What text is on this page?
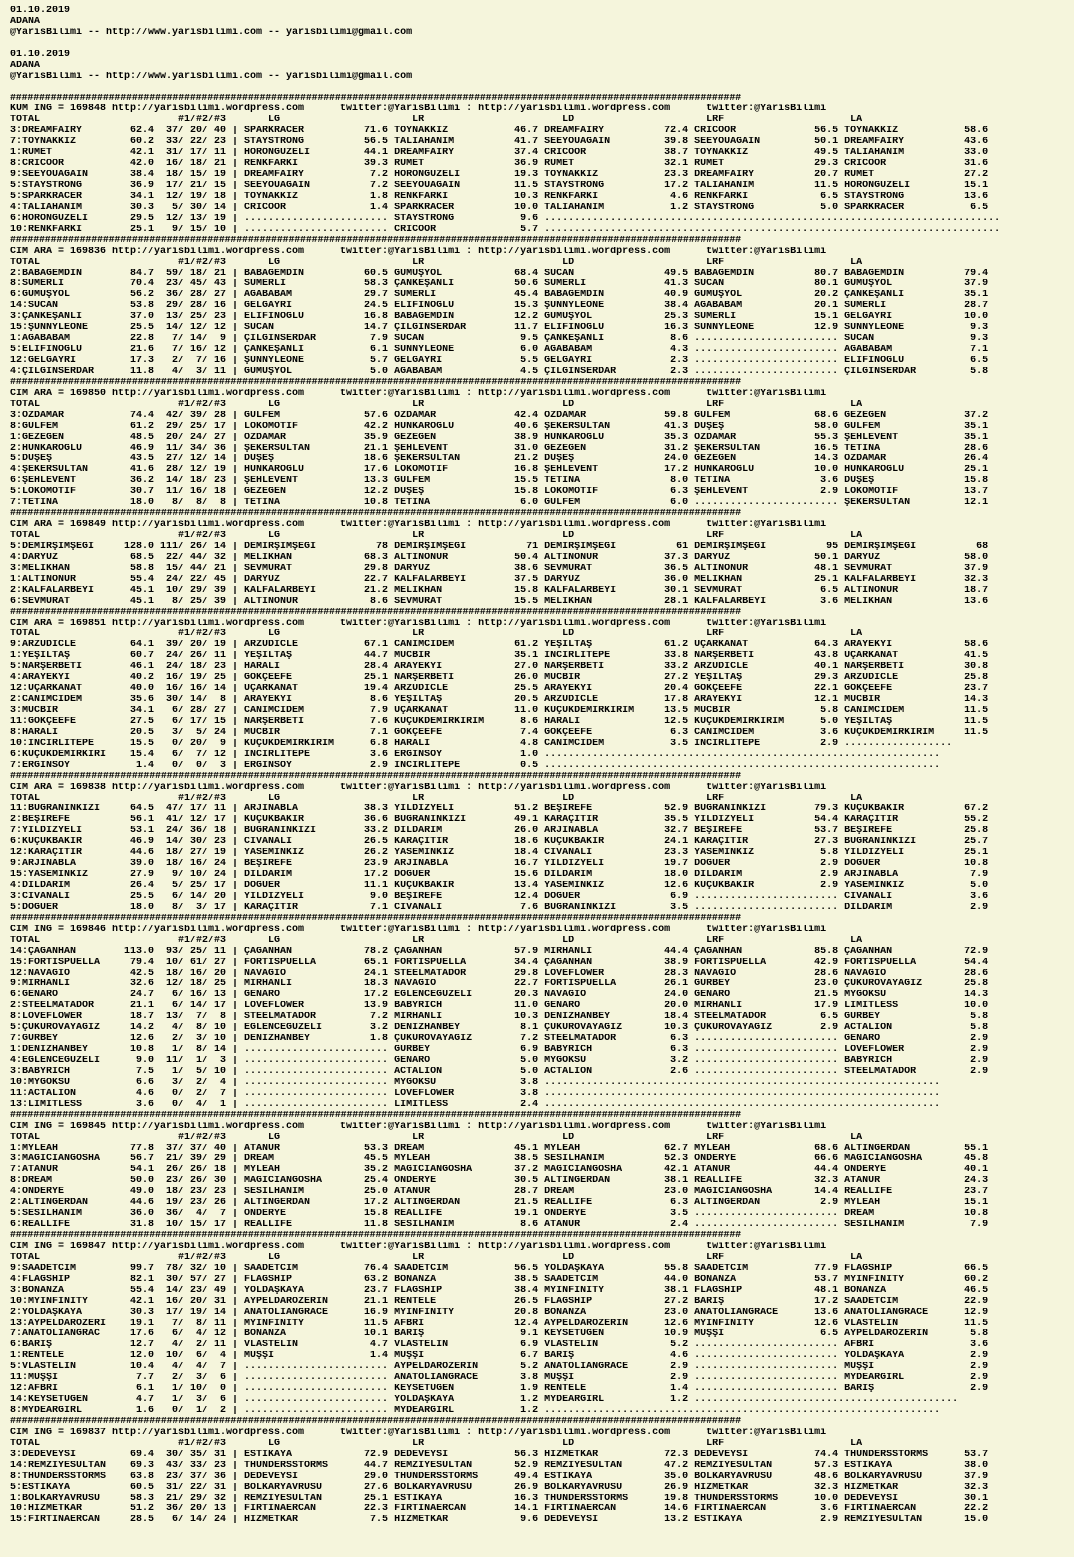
01.10.2019
ADANA
@YarisBilimi -- http://www.yarisbilimi.com -- yarisbilimi@gmail.com
01.10.2019
ADANA
@YarisBilimi -- http://www.yarisbilimi.com -- yarisbilimi@gmail.com
##############################################################################################################################
KUM ING = 169848 http://yarisbilimi.wordpress.com      twitter:@YarisBilimi : http://yarisbilimi.wordpress.com      twitter:@YarisBilimi
TOTAL                       #1/#2/#3       LG                      LR                       LD                      LRF                     LA
3:DREAMFAIRY        62.4  37/ 20/ 40 | SPARKRACER          71.6 TOYNAKKIZ           46.7 DREAMFAIRY          72.4 CRICOOR             56.5 TOYNAKKIZ           58.6
7:TOYNAKKIZ         60.2  33/ 22/ 23 | STAYSTRONG          56.5 TALIAHANIM          41.7 SEEYOUAGAIN         39.8 SEEYOUAGAIN         50.1 DREAMFAIRY          43.6
1:RUMET             42.1  31/ 17/ 11 | HORONGÜZELİ         44.1 DREAMFAIRY          37.4 CRICOOR             38.7 TOYNAKKIZ           49.5 TALIAHANIM          33.0
8:CRICOOR           42.0  16/ 18/ 21 | RENKFARKI           39.3 RUMET               36.9 RUMET               32.1 RUMET               29.3 CRICOOR             31.6
9:SEEYOUAGAIN       38.4  18/ 15/ 19 | DREAMFAIRY           7.2 HORONGÜZELİ         19.3 TOYNAKKIZ           23.3 DREAMFAIRY          20.7 RUMET               27.2
5:STAYSTRONG        36.9  17/ 21/ 15 | SEEYOUAGAIN          7.2 SEEYOUAGAIN         11.5 STAYSTRONG          17.2 TALIAHANIM          11.5 HORONGÜZELİ         15.1
5:SPARKRACER        34.1  12/ 19/ 18 | TOYNAKKIZ            1.8 RENKFARKI           10.3 RENKFARKI            4.6 RENKFARKI            6.5 STAYSTRONG          13.6
4:TALIAHANIM        30.3   5/ 30/ 14 | CRICOOR              1.4 SPARKRACER          10.0 TALIAHANIM           1.2 STAYSTRONG           5.0 SPARKRACER           6.5
6:HORONGÜZELİ       29.5  12/ 13/ 19 | ........................ STAYSTRONG           9.6 ............................................................................
10:RENKFARKI        25.1   9/ 15/ 10 | ........................ CRICOOR              5.7 ............................................................................
##############################################################################################################################
CIM ARA = 169836 http://yarisbilimi.wordpress.com      twitter:@YarisBilimi : http://yarisbilimi.wordpress.com      twitter:@YarisBilimi
TOTAL                       #1/#2/#3       LG                      LR                       LD                      LRF                     LA
2:BABAGEMDİN        84.7  59/ 18/ 21 | BABAGEMDİN          60.5 GUMUŞYOL            68.4 SUCAN               49.5 BABAGEMDİN          80.7 BABAGEMDİN          79.4
8:SUMERLİ           70.4  23/ 45/ 43 | SUMERLİ             58.3 ÇANKEŞANLI          50.6 SUMERLİ             41.3 SUCAN               80.1 GUMUŞYOL            37.9
6:GUMUŞYOL          56.2  36/ 28/ 27 | AGABABAM            29.7 SUMERLİ             45.4 BABAGEMDİN          40.9 GUMUŞYOL            20.2 ÇANKEŞANLI          35.1
14:SUCAN            53.8  29/ 28/ 16 | GELGAYRI            24.5 ELİFİNOĞLU          15.3 ŞUNNYLEONE          38.4 AGABABAM            20.1 SUMERLİ             28.7
3:ÇANKEŞANLI        37.0  13/ 25/ 23 | ELİFİNOĞLU          16.8 BABAGEMDİN          12.2 GUMUŞYOL            25.3 SUMERLİ             15.1 GELGAYRI            10.0
15:ŞUNNYLEONE       25.5  14/ 12/ 12 | SUCAN               14.7 ÇILGINSERDAR        11.7 ELİFİNOĞLU          16.3 SUNNYLEONE          12.9 SUNNYLEONE           9.3
1:AGABABAM          22.8   7/ 14/  9 | ÇILGINSERDAR         7.9 SUCAN                9.5 ÇANKEŞANLI           8.6 ........................ SUCAN                9.3
5:ELİFİNOĞLU        21.6   7/ 16/ 12 | ÇANKEŞANLI           6.1 SUNNYLEONE           6.0 AGABABAM             4.3 ........................ AGABABAM             7.1
12:GELGAYRI         17.3   2/  7/ 16 | ŞUNNYLEONE           5.7 GELGAYRI             5.5 GELGAYRI             2.3 ........................ ELİFİNOĞLU           6.5
4:ÇILGINSERDAR      11.8   4/  3/ 11 | GUMUŞYOL             5.0 AGABABAM             4.5 ÇILGINSERDAR         2.3 ........................ ÇILGINSERDAR         5.8
##############################################################################################################################
CIM ARA = 169850 http://yarisbilimi.wordpress.com      twitter:@YarisBilimi : http://yarisbilimi.wordpress.com      twitter:@YarisBilimi
TOTAL                       #1/#2/#3       LG                      LR                       LD                      LRF                     LA
3:ÖZDAMAR           74.4  42/ 39/ 28 | GULFEM              57.6 ÖZDAMAR             42.4 ÖZDAMAR             59.8 GULFEM              68.6 GEZEGEN             37.2
8:GULFEM            61.2  29/ 25/ 17 | LOKOMOTİF           42.2 HUNKAROĞLU          40.6 ŞEKERSULTAN         41.3 DUŞEŞ               58.0 GULFEM              35.1
1:GEZEGEN           48.5  20/ 24/ 27 | ÖZDAMAR             35.9 GEZEGEN             38.9 HUNKAROĞLU          35.3 ÖZDAMAR             55.3 ŞEHLEVENT           35.1
2:HUNKAROĞLU        46.9  11/ 34/ 36 | ŞEKERSULTAN         21.1 ŞEHLEVENT           31.0 GEZEGEN             31.2 ŞEKERSULTAN         16.5 TETİNA              28.6
5:DUŞEŞ             43.5  27/ 12/ 14 | DUŞEŞ               18.6 ŞEKERSULTAN         21.2 DUŞEŞ               24.0 GEZEGEN             14.3 ÖZDAMAR             26.4
4:ŞEKERSULTAN       41.6  28/ 12/ 19 | HUNKAROĞLU          17.6 LOKOMOTİF           16.8 ŞEHLEVENT           17.2 HUNKAROĞLU          10.0 HUNKAROĞLU          25.1
6:ŞEHLEVENT         36.2  14/ 18/ 23 | ŞEHLEVENT           13.3 GULFEM              15.5 TETİNA               8.0 TETİNA               3.6 DUŞEŞ               15.8
5:LOKOMOTİF         30.7  11/ 16/ 18 | GEZEGEN             12.2 DUŞEŞ               15.8 LOKOMOTİF            6.3 ŞEHLEVENT            2.9 LOKOMOTİF           13.7
7:TETİNA            18.0   8/  8/  8 | TETİNA              10.8 TETİNA               6.0 GULFEM               6.0 ........................ ŞEKERSULTAN         12.1
##############################################################################################################################
CIM ARA = 169849 http://yarisbilimi.wordpress.com      twitter:@YarisBilimi : http://yarisbilimi.wordpress.com      twitter:@YarisBilimi
TOTAL                       #1/#2/#3       LG                      LR                       LD                      LRF                     LA
5:DEMİRŞİMŞEĞİ     128.0 111/ 26/ 14 | DEMİRŞİMŞEĞİ          78 DEMİRŞİMŞEĞİ          71 DEMİRŞİMŞEĞİ          61 DEMİRŞİMŞEĞİ          95 DEMİRŞİMŞEĞİ          68
4:DARYUZ            68.5  22/ 44/ 32 | MELİKHAN            68.3 ALTINONUR           50.4 ALTINONUR           37.3 DARYUZ              50.1 DARYUZ              58.0
3:MELİKHAN          58.8  15/ 44/ 21 | SEVMURAT            29.8 DARYUZ              38.6 SEVMURAT            36.5 ALTINONUR           48.1 SEVMURAT            37.9
1:ALTINONUR         55.4  24/ 22/ 45 | DARYUZ              22.7 KALFALARBEYİ        37.5 DARYUZ              36.0 MELİKHAN            25.1 KALFALARBEYİ        32.3
2:KALFALARBEYİ      45.1  10/ 29/ 39 | KALFALARBEYİ        21.2 MELİKHAN            15.8 KALFALARBEYİ        30.1 SEVMURAT             6.5 ALTINONUR           18.7
6:SEVMURAT          45.1   8/ 25/ 39 | ALTINONUR            8.6 SEVMURAT            15.5 MELİKHAN            28.1 KALFALARBEYİ         3.6 MELİKHAN            13.6
##############################################################################################################################
CIM ARA = 169851 http://yarisbilimi.wordpress.com      twitter:@YarisBilimi : http://yarisbilimi.wordpress.com      twitter:@YarisBilimi
TOTAL                       #1/#2/#3       LG                      LR                       LD                      LRF                     LA
9:ARZUDİCLE         64.1  39/ 20/ 19 | ARZUDİCLE           67.1 CANIMCİDEM          61.2 YEŞİLTAŞ            61.2 UÇARKANAT           64.3 ARAYEKYİ            58.6
1:YEŞİLTAŞ          60.7  24/ 26/ 11 | YEŞİLTAŞ            44.7 MUCBİR              35.1 İNCİRLİTEPE         33.8 NARŞERBETİ          43.8 UÇARKANAT           41.5
5:NARŞERBETİ        46.1  24/ 18/ 23 | HARALİ              28.4 ARAYEKYİ            27.0 NARŞERBETİ          33.2 ARZUDİCLE           40.1 NARŞERBETİ          30.8
4:ARAYEKYİ          40.2  16/ 19/ 25 | GÖKÇEEFE            25.1 NARŞERBETİ          26.0 MUCBİR              27.2 YEŞİLTAŞ            29.3 ARZUDİCLE           25.8
12:UÇARKANAT        40.0  16/ 16/ 14 | UÇARKANAT           19.4 ARZUDİCLE           25.5 ARAYEKYİ            20.4 GÖKÇEEFE            22.1 GÖKÇEEFE            23.7
2:CANIMCİDEM        35.6  30/ 14/  8 | ARAYEKYİ             8.6 YEŞİLTAŞ            20.5 ARZUDİCLE           17.8 ARAYEKYİ            12.1 MUCBİR              14.3
3:MUCBİR            34.1   6/ 28/ 27 | CANIMCİDEM           7.9 UÇARKANAT           11.0 KÜÇÜKDEMİRKIRIM     13.5 MUCBİR               5.8 CANIMCİDEM          11.5
11:GÖKÇEEFE         27.5   6/ 17/ 15 | NARŞERBETİ           7.6 KÜÇÜKDEMİRKIRIM      8.6 HARALİ              12.5 KÜÇÜKDEMİRKIRIM      5.0 YEŞİLTAŞ            11.5
8:HARALİ            20.5   3/  5/ 24 | MUCBİR               7.1 GÖKÇEEFE             7.4 GÖKÇEEFE             6.3 CANIMCİDEM           3.6 KÜÇÜKDEMİRKIRIM     11.5
10:İNCİRLİTEPE      15.5   0/ 20/  9 | KÜÇÜKDEMİRKIRIM      6.8 HARALİ               4.8 CANIMCİDEM           3.5 İNCİRLİTEPE          2.9 ..................
6:KÜÇÜKDEMİRKIRI    15.4   6/  7/ 12 | İNCİRLİTEPE          3.6 ERGİNSOY             1.0 ..................................................................
7:ERGİNSOY           1.4   0/  0/  3 | ERGİNSOY             2.9 İNCİRLİTEPE          0.5 ..................................................................
##############################################################################################################################
CIM ARA = 169838 http://yarisbilimi.wordpress.com      twitter:@YarisBilimi : http://yarisbilimi.wordpress.com      twitter:@YarisBilimi
TOTAL                       #1/#2/#3       LG                      LR                       LD                      LRF                     LA
11:BUGRANINKIZI     64.5  47/ 17/ 11 | ARJİNABLA           38.3 YILDIZYELİ          51.2 BEŞİREFE            52.9 BUGRANINKIZI        79.3 KÜÇÜKBAKIR          67.2
2:BEŞİREFE          56.1  41/ 12/ 17 | KÜÇÜKBAKIR          36.6 BUGRANINKIZI        49.1 KARAÇITIR           35.5 YILDIZYELİ          54.4 KARAÇITIR           55.2
7:YILDIZYELİ        53.1  24/ 36/ 18 | BUGRANINKIZI        33.2 DİLDARIM            26.0 ARJİNABLA           32.7 BEŞİREFE            53.7 BEŞİREFE            25.8
6:KÜÇÜKBAKIR        46.9  14/ 30/ 23 | CİVANALİ            26.5 KARAÇITIR           18.6 KÜÇÜKBAKIR          24.1 KARAÇITIR           27.3 BUGRANINKIZI        25.7
12:KARAÇITIR        44.6  18/ 27/ 19 | YASEMİNKIZ          26.2 YASEMİNKIZ          18.4 CİVANALİ            23.3 YASEMİNKIZ           5.8 YILDIZYELİ          25.1
9:ARJİNABLA         39.0  18/ 16/ 24 | BEŞİREFE            23.9 ARJİNABLA           16.7 YILDIZYELİ          19.7 DOGUER               2.9 DOGUER              10.8
15:YASEMİNKIZ       27.9   9/ 10/ 24 | DİLDARIM            17.2 DOGUER              15.6 DİLDARIM            18.0 DİLDARIM             2.9 ARJİNABLA            7.9
4:DİLDARIM          26.4   5/ 25/ 17 | DOGUER              11.1 KÜÇÜKBAKIR          13.4 YASEMİNKIZ          12.6 KÜÇÜKBAKIR           2.9 YASEMİNKIZ           5.0
3:CİVANALİ          25.5   6/ 14/ 20 | YILDIZYELİ           9.0 BEŞİREFE            12.4 DOGUER               6.9 ........................ CİVANALİ             3.6
5:DOGUER            18.0   8/  3/ 17 | KARAÇITIR            7.1 CİVANALİ             7.6 BUGRANINKIZI         3.5 ........................ DİLDARIM             2.9
##############################################################################################################################
CIM ING = 169846 http://yarisbilimi.wordpress.com      twitter:@YarisBilimi : http://yarisbilimi.wordpress.com      twitter:@YarisBilimi
TOTAL                       #1/#2/#3       LG                      LR                       LD                      LRF                     LA
14:ÇAĞANHAN        113.0  93/ 25/ 11 | ÇAĞANHAN            78.2 ÇAĞANHAN            57.9 MIRHANLI            44.4 ÇAĞANHAN            85.8 ÇAĞANHAN            72.9
15:FORTISPUELLA     79.4  10/ 61/ 27 | FORTISPUELLA        65.1 FORTISPUELLA        34.4 ÇAĞANHAN            38.9 FORTISPUELLA        42.9 FORTISPUELLA        54.4
12:NAVAGIO          42.5  18/ 16/ 20 | NAVAGIO             24.1 STEELMATADOR        29.8 LOVEFLOWER          28.3 NAVAGIO             28.6 NAVAGIO             28.6
9:MIRHANLI          32.6  12/ 18/ 25 | MIRHANLI            18.3 NAVAGIO             22.7 FORTISPUELLA        26.1 GURBEY              23.0 ÇUKUROVAYAĞIZ       25.8
6:GENARO            24.7   6/ 16/ 13 | GENARO              17.2 EGLENCEGÜZELİ       20.3 NAVAGIO             24.0 GENARO              21.5 MYGOKSU             14.3
2:STEELMATADOR      21.1   6/ 14/ 17 | LOVEFLOWER          13.9 BABYRICH            11.0 GENARO              20.0 MIRHANLI            17.9 LIMITLESS           10.0
8:LOVEFLOWER        18.7  13/  7/  8 | STEELMATADOR         7.2 MIRHANLI            10.3 DENİZHANBEY         18.4 STEELMATADOR         6.5 GURBEY               5.8
5:ÇUKUROVAYAĞIZ     14.2   4/  8/ 10 | EGLENCEGÜZELİ        3.2 DENİZHANBEY          8.1 ÇUKUROVAYAĞIZ       10.3 ÇUKUROVAYAĞIZ        2.9 ACTALION             5.8
7:GURBEY            12.6   2/  3/ 10 | DENİZHANBEY          1.8 ÇUKUROVAYAĞIZ        7.2 STEELMATADOR         6.3 ........................ GENARO               2.9
1:DENİZHANBEY       10.8   1/  8/ 14 | ........................ GURBEY               6.9 BABYRICH             6.3 ........................ LOVEFLOWER           2.9
4:EGLENCEGÜZELİ      9.0  11/  1/  3 | ........................ GENARO               5.0 MYGOKSU              3.2 ........................ BABYRICH             2.9
3:BABYRICH           7.5   1/  5/ 10 | ........................ ACTALION             5.0 ACTALION             2.6 ........................ STEELMATADOR         2.9
10:MYGOKSU           6.6   3/  2/  4 | ........................ MYGOKSU              3.8 ..................................................................
11:ACTALION          4.6   0/  2/  7 | ........................ LOVEFLOWER           3.8 ..................................................................
13:LIMITLESS         3.6   0/  4/  1 | ........................ LIMITLESS            2.4 ..................................................................
##############################################################################################################################
CIM ING = 169845 http://yarisbilimi.wordpress.com      twitter:@YarisBilimi : http://yarisbilimi.wordpress.com      twitter:@YarisBilimi
TOTAL                       #1/#2/#3       LG                      LR                       LD                      LRF                     LA
1:MYLEAH            77.8  37/ 37/ 40 | ATANUR              53.3 DREAM               45.1 MYLEAH              62.7 MYLEAH              68.6 ALTINGERDAN         55.1
3:MAGICIANGOSHA     56.7  21/ 39/ 29 | DREAM               45.5 MYLEAH              38.5 SESILHANIM          52.3 ONDERYE             66.6 MAGICIANGOSHA       45.8
7:ATANUR            54.1  26/ 26/ 18 | MYLEAH              35.2 MAGICIANGOSHA       37.2 MAGICIANGOSHA       42.1 ATANUR              44.4 ONDERYE             40.1
8:DREAM             50.0  23/ 26/ 30 | MAGICIANGOSHA       25.4 ONDERYE             30.5 ALTINGERDAN         38.1 REALLIFE            32.3 ATANUR              24.3
4:ONDERYE           49.0  18/ 23/ 23 | SESİLHANIM          25.0 ATANUR              28.7 DREAM               23.0 MAGICIANGOSHA       14.4 REALLIFE            23.7
2:ALTINGERDAN       44.6  19/ 23/ 26 | ALTINGERDAN         17.2 ALTINGERDAN         21.5 REALLIFE             6.3 ALTINGERDAN          2.9 MYLEAH              15.1
5:SESILHANIM        36.0  36/  4/  7 | ONDERYE             15.8 REALLIFE            19.1 ONDERYE              3.5 ........................ DREAM               10.8
6:REALLIFE          31.8  10/ 15/ 17 | REALLIFE            11.8 SESILHANIM           8.6 ATANUR               2.4 ........................ SESILHANIM           7.9
##############################################################################################################################
CIM ING = 169847 http://yarisbilimi.wordpress.com      twitter:@YarisBilimi : http://yarisbilimi.wordpress.com      twitter:@YarisBilimi
TOTAL                       #1/#2/#3       LG                      LR                       LD                      LRF                     LA
9:SAADETCİM         99.7  78/ 32/ 10 | SAADETCİM           76.4 SAADETCİM           56.5 YOLDAŞKAYA          55.8 SAADETCİM           77.9 FLAGSHIP            66.5
4:FLAGSHIP          82.1  30/ 57/ 27 | FLAGSHIP            63.2 BONANZA             38.5 SAADETCİM           44.0 BONANZA             53.7 MYINFINITY          60.2
3:BONANZA           55.4  14/ 23/ 49 | YOLDAŞKAYA          23.7 FLAGSHIP            38.4 MYINFINITY          38.1 FLAGSHIP            48.1 BONANZA             46.5
10:MYINFINITY       42.1  16/ 20/ 31 | AYPELDAROZERIN      21.1 RENTELE             26.5 FLAGSHIP            27.2 BARIŞ               17.2 SAADETCİM           22.9
2:YOLDAŞKAYA        30.3  17/ 19/ 14 | ANATOLIANGRACE      16.9 MYINFINITY          20.8 BONANZA             23.0 ANATOLIANGRACE      13.6 ANATOLIANGRACE      12.9
13:AYPELDAROZERI    19.1   7/  8/ 11 | MYINFINITY          11.5 AFBRİ               12.4 AYPELDAROZERIN      12.6 MYINFINITY          12.6 VLASTELIN           11.5
7:ANATOLIANGRAC     17.6   6/  4/ 12 | BONANZA             10.1 BARIŞ                9.1 KEYSETUGEN          10.9 MUŞŞI                6.5 AYPELDAROZERIN       5.8
6:BARIŞ             12.7   4/  2/ 11 | VLASTELIN            4.7 VLASTELIN            6.9 VLASTELIN            5.2 ........................ AFBRİ                3.6
1:RENTELE           12.0  10/  6/  4 | MUŞŞI                1.4 MUŞŞI                6.7 BARIŞ                4.6 ........................ YOLDAŞKAYA           2.9
5:VLASTELIN         10.4   4/  4/  7 | ........................ AYPELDAROZERIN       5.2 ANATOLIANGRACE       2.9 ........................ MUŞŞI                2.9
11:MUŞŞI             7.7   2/  3/  6 | ........................ ANATOLIANGRACE       3.8 MUŞŞI                2.9 ........................ MYDEARGIRL           2.9
12:AFBRİ             6.1   1/ 10/  0 | ........................ KEYSETUGEN           1.9 RENTELE              1.4 ........................ BARIŞ                2.9
14:KEYSETUGEN        4.7   1/  3/  6 | ........................ YOLDAŞKAYA           1.2 MYDEARGIRL           1.2 ............................................
8:MYDEARGIRL         1.6   0/  1/  2 | ........................ MYDEARGIRL           1.2 ..................................................................
##############################################################################################################################
CIM ING = 169837 http://yarisbilimi.wordpress.com      twitter:@YarisBilimi : http://yarisbilimi.wordpress.com      twitter:@YarisBilimi
TOTAL                       #1/#2/#3       LG                      LR                       LD                      LRF                     LA
3:DEDEVEYSİ         69.4  30/ 35/ 31 | ESTİKAYA            72.9 DEDEVEYSİ           56.3 HIZMETKAR           72.3 DEDEVEYSİ           74.4 THUNDERSSTORMS      53.7
14:REMZİYESULTAN    69.3  43/ 33/ 23 | THUNDERSSTORMS      44.7 REMZİYESULTAN       52.9 REMZİYESULTAN       47.2 REMZİYESULTAN       57.3 ESTİKAYA            38.0
8:THUNDERSSTORMS    63.8  23/ 37/ 36 | DEDEVEYSİ           29.0 THUNDERSSTORMS      49.4 ESTİKAYA            35.0 BOLKARYAVRUSU       48.6 BOLKARYAVRUSU       37.9
5:ESTİKAYA          60.5  31/ 22/ 31 | BOLKARYAVRUSU       27.6 BOLKARYAVRUSU       26.9 BOLKARYAVRUSU       26.9 HIZMETKAR           32.3 HIZMETKAR           32.3
1:BOLKARYAVRUSU     58.3  21/ 29/ 32 | REMZİYESULTAN       25.1 ESTİKAYA            16.3 THUNDERSSTORMS      19.8 THUNDERSSTORMS      10.0 DEDEVEYSİ           30.1
10:HIZMETKAR        51.2  36/ 20/ 13 | FIRTINAERCAN        22.3 FIRTINAERCAN        14.1 FIRTINAERCAN        14.6 FIRTINAERCAN         3.6 FIRTINAERCAN        22.2
15:FIRTINAERCAN     28.5   6/ 14/ 24 | HIZMETKAR            7.5 HIZMETKAR            9.6 DEDEVEYSİ           13.2 ESTİKAYA             2.9 REMZİYESULTAN       15.0
